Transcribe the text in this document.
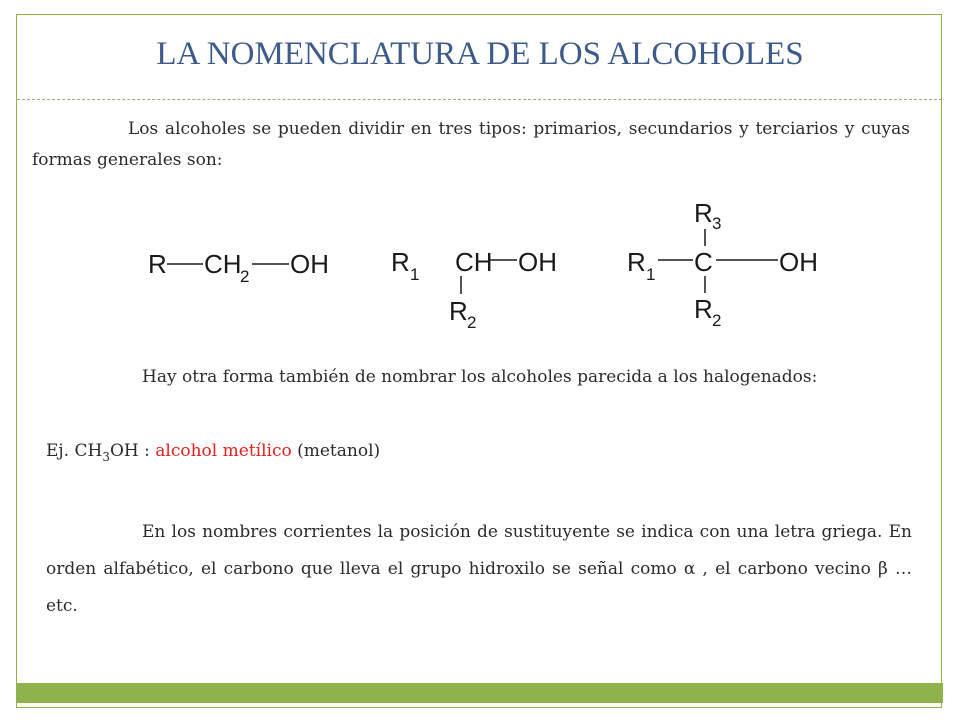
LA NOMENCLATURA DE LOS ALCOHOLES

Los alcoholes se pueden dividir en tres tipos: primarios, secundarios y terciarios y cuyas formas generales son:

R CH
2 OH R 1 CH OH
R 2
R 3
R 1 C	OH
R 2

Hay otra forma también de nombrar los alcoholes parecida a los halogenados:

Ej. $CH_3OH$ : alcohol metílico (metanol)

En los nombres corrientes la posición de sustituyente se indica con una letra griega. En orden alfabético, el carbono que lleva el grupo hidroxilo se señal como α , el carbono vecino β …etc.
